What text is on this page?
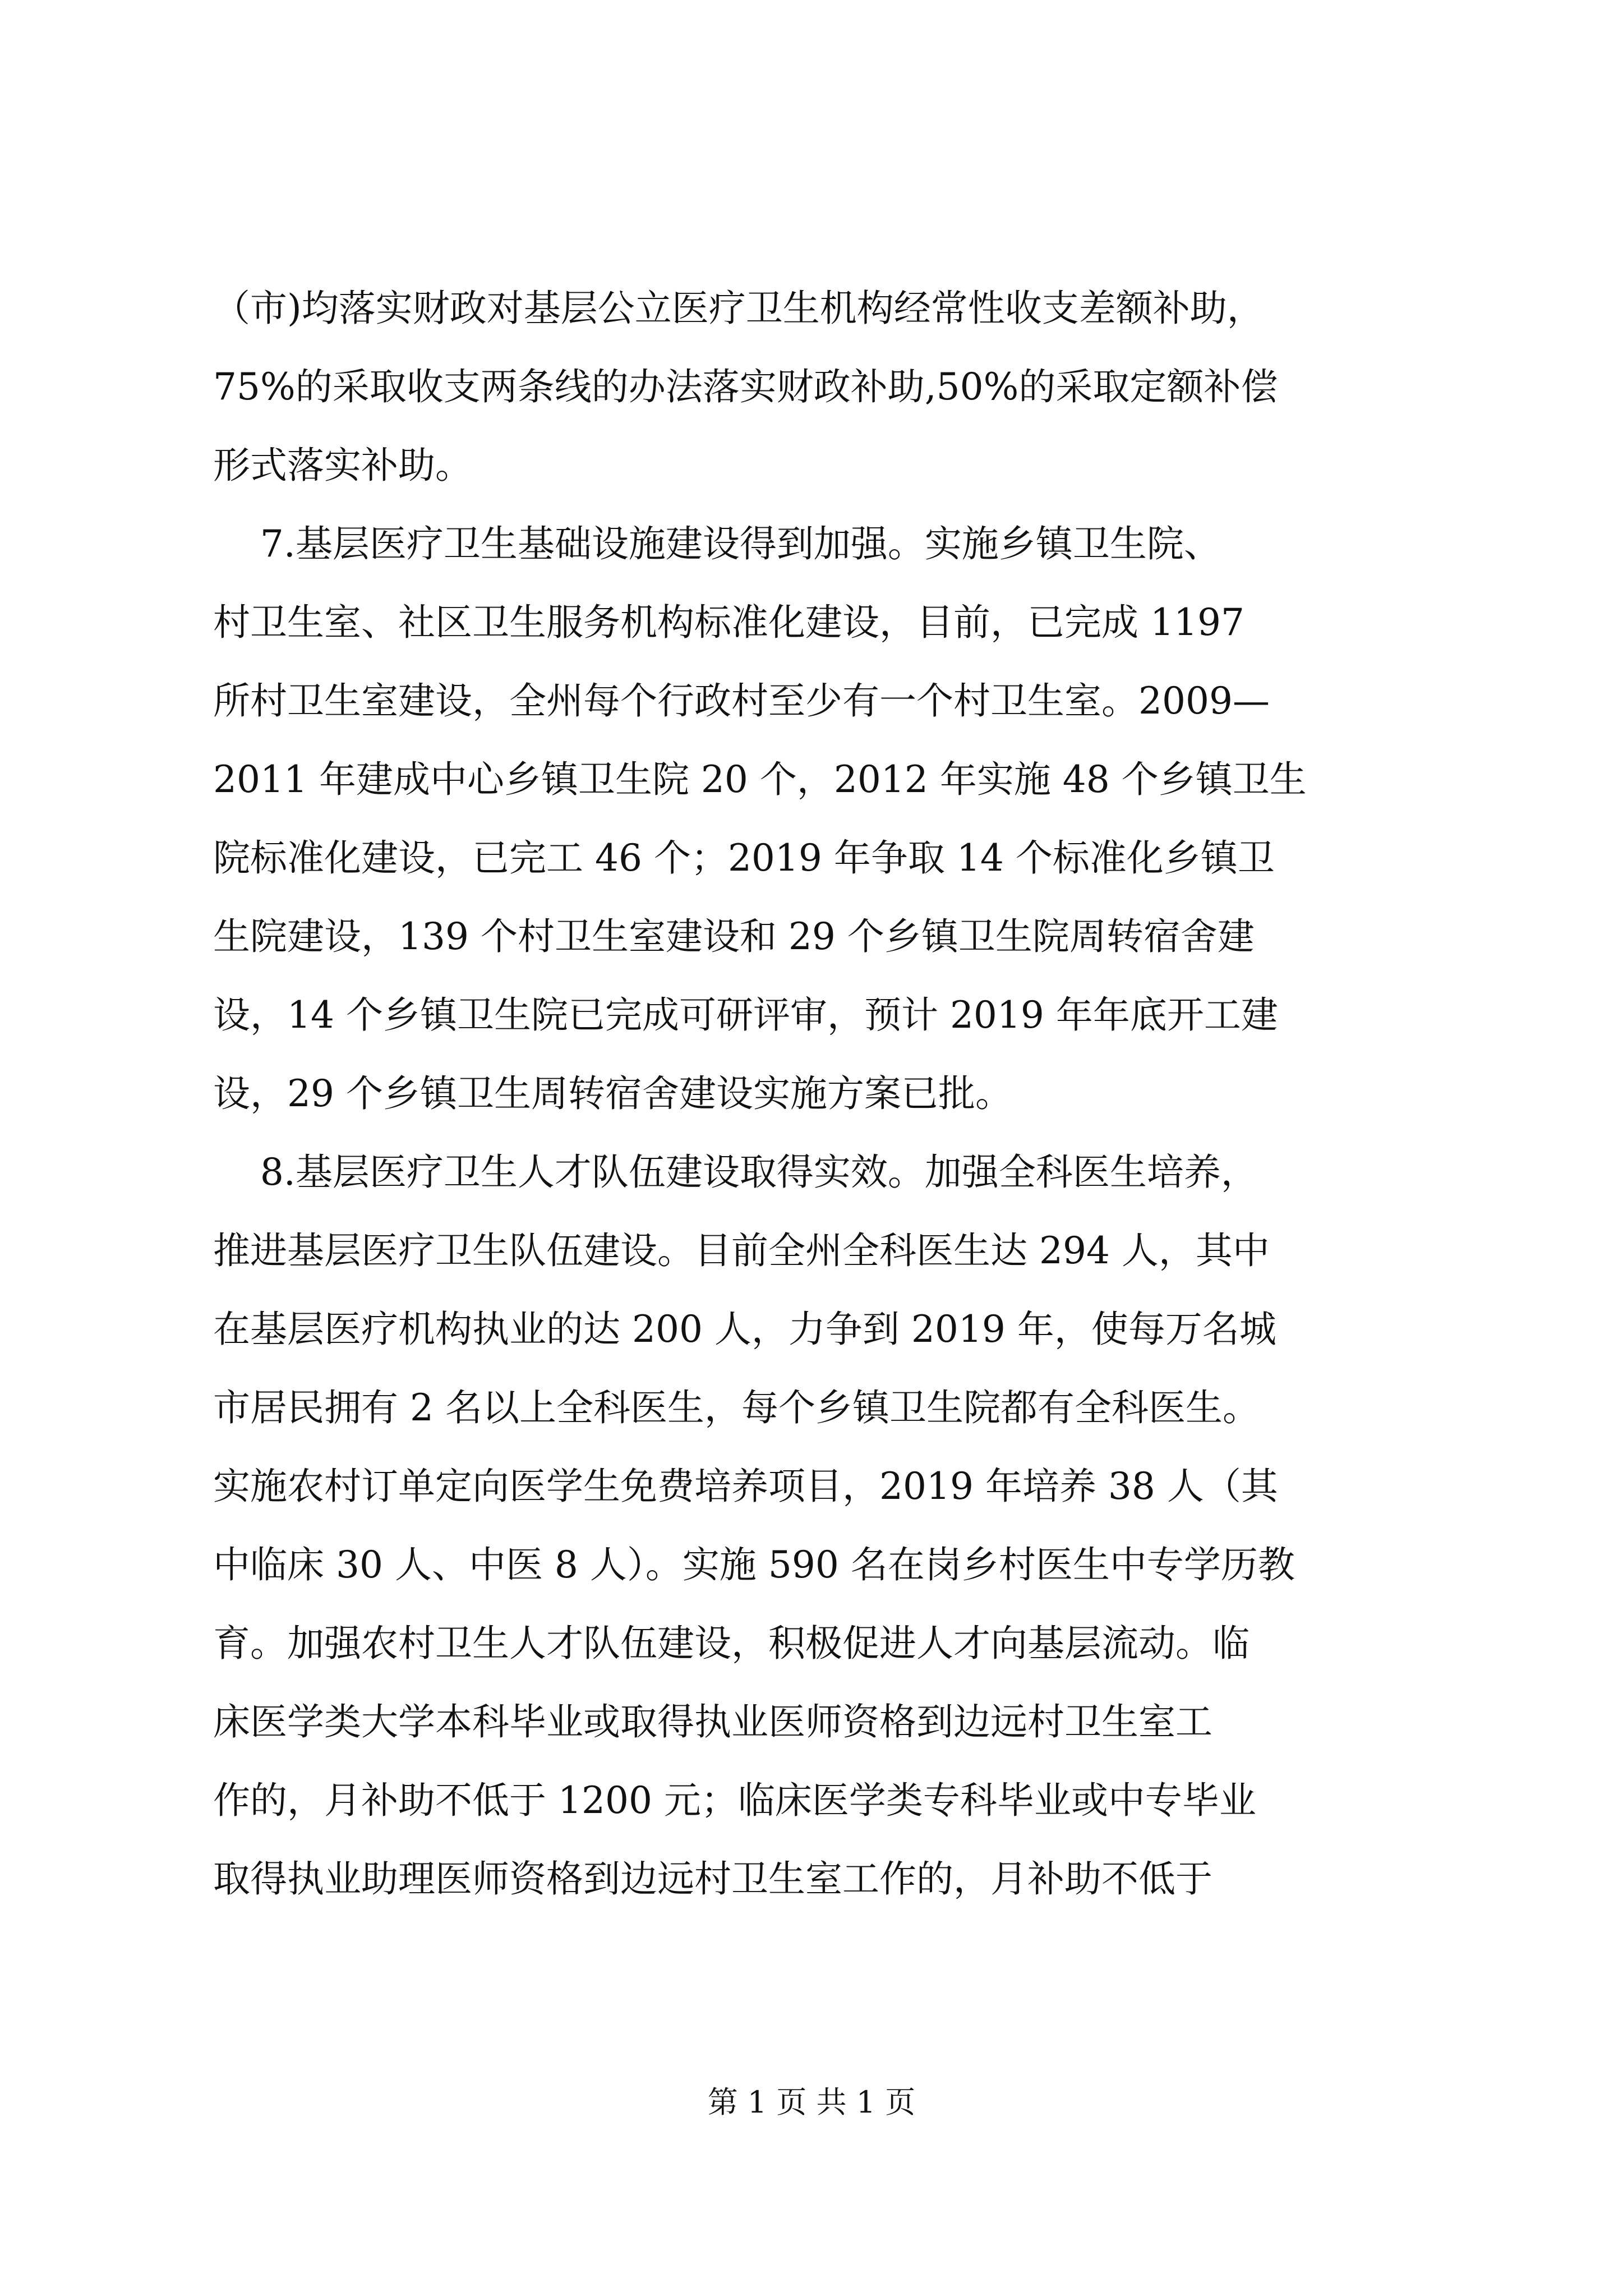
（市)均落实财政对基层公立医疗卫生机构经常性收支差额补助，
75%的采取收支两条线的办法落实财政补助,50%的采取定额补偿
形式落实补助。
7.基层医疗卫生基础设施建设得到加强。实施乡镇卫生院、
村卫生室、社区卫生服务机构标准化建设，目前，已完成 1197
所村卫生室建设，全州每个行政村至少有一个村卫生室。2009—
2011 年建成中心乡镇卫生院 20 个，2012 年实施 48 个乡镇卫生
院标准化建设，已完工 46 个；2019 年争取 14 个标准化乡镇卫
生院建设，139 个村卫生室建设和 29 个乡镇卫生院周转宿舍建
设，14 个乡镇卫生院已完成可研评审，预计 2019 年年底开工建
设，29 个乡镇卫生周转宿舍建设实施方案已批。
8.基层医疗卫生人才队伍建设取得实效。加强全科医生培养，
推进基层医疗卫生队伍建设。目前全州全科医生达 294 人，其中
在基层医疗机构执业的达 200 人，力争到 2019 年，使每万名城
市居民拥有 2 名以上全科医生，每个乡镇卫生院都有全科医生。
实施农村订单定向医学生免费培养项目，2019 年培养 38 人（其
中临床 30 人、中医 8 人）。实施 590 名在岗乡村医生中专学历教
育。加强农村卫生人才队伍建设，积极促进人才向基层流动。临
床医学类大学本科毕业或取得执业医师资格到边远村卫生室工
作的，月补助不低于 1200 元；临床医学类专科毕业或中专毕业
取得执业助理医师资格到边远村卫生室工作的，月补助不低于
第 1 页 共 1 页
